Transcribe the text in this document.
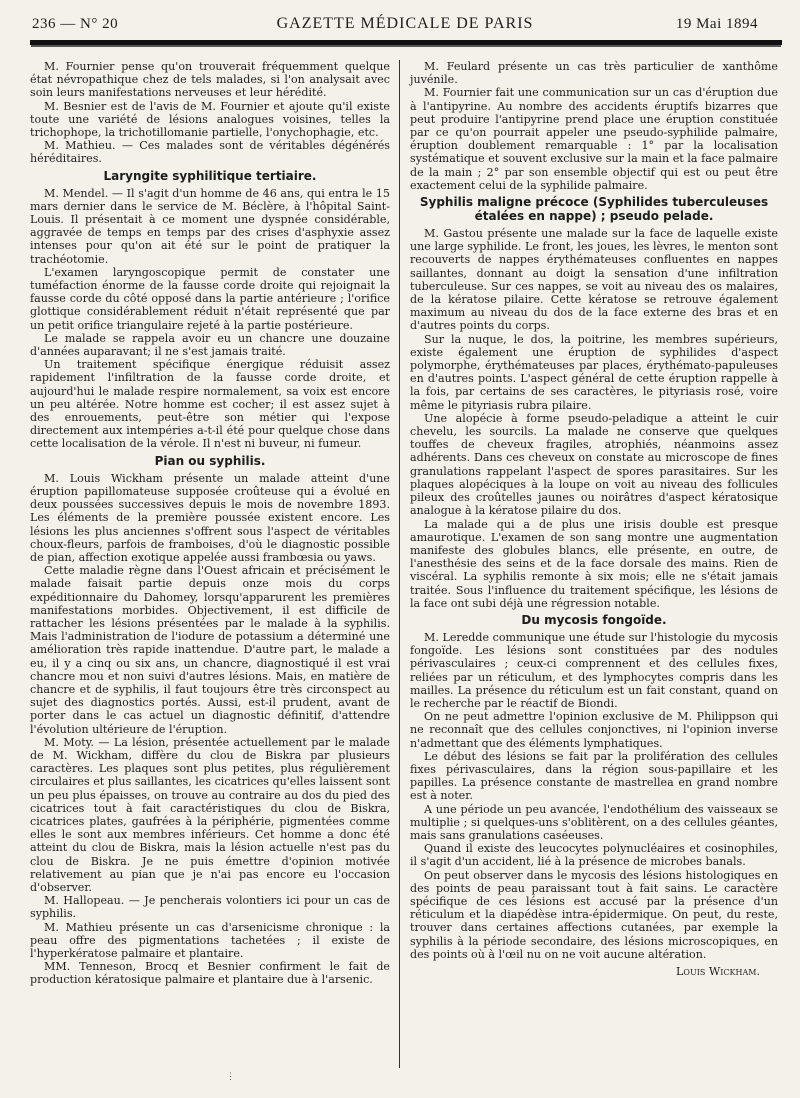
236 — N° 20	GAZETTE MÉDICALE DE PARIS	19 Mai 1894

M. Fournier pense qu'on trouverait fréquemment quelque état névropathique chez de tels malades, si l'on analysait avec soin leurs manifestations nerveuses et leur hérédité.

M. Besnier est de l'avis de M. Fournier et ajoute qu'il existe toute une variété de lésions analogues voisines, telles la trichophope, la trichotillomanie partielle, l'onychophagie, etc.

M. Mathieu. — Ces malades sont de véritables dégénérés héréditaires.

Laryngite syphilitique tertiaire.

M. Mendel. — Il s'agit d'un homme de 46 ans, qui entra le 15 mars dernier dans le service de M. Béclère, à l'hôpital Saint-Louis. Il présentait à ce moment une dyspnée considérable, aggravée de temps en temps par des crises d'asphyxie assez intenses pour qu'on ait été sur le point de pratiquer la trachéotomie.

L'examen laryngoscopique permit de constater une tuméfaction énorme de la fausse corde droite qui rejoignait la fausse corde du côté opposé dans la partie antérieure ; l'orifice glottique considérablement réduit n'était représenté que par un petit orifice triangulaire rejeté à la partie postérieure.

Le malade se rappela avoir eu un chancre une douzaine d'années auparavant; il ne s'est jamais traité.

Un traitement spécifique énergique réduisit assez rapidement l'infiltration de la fausse corde droite, et aujourd'hui le malade respire normalement, sa voix est encore un peu altérée. Notre homme est cocher; il est assez sujet à des enrouements, peut-être son métier qui l'expose directement aux intempéries a-t-il été pour quelque chose dans cette localisation de la vérole. Il n'est ni buveur, ni fumeur.

Pian ou syphilis.

M. Louis Wickham présente un malade atteint d'une éruption papillomateuse supposée croûteuse qui a évolué en deux poussées successives depuis le mois de novembre 1893. Les éléments de la première poussée existent encore. Les lésions les plus anciennes s'offrent sous l'aspect de véritables choux-fleurs, parfois de framboises, d'où le diagnostic possible de pian, affection exotique appelée aussi frambœsia ou yaws.

Cette maladie règne dans l'Ouest africain et précisément le malade faisait partie depuis onze mois du corps expéditionnaire du Dahomey, lorsqu'apparurent les premières manifestations morbides. Objectivement, il est difficile de rattacher les lésions présentées par le malade à la syphilis. Mais l'administration de l'iodure de potassium a déterminé une amélioration très rapide inattendue. D'autre part, le malade a eu, il y a cinq ou six ans, un chancre, diagnostiqué il est vrai chancre mou et non suivi d'autres lésions. Mais, en matière de chancre et de syphilis, il faut toujours être très circonspect au sujet des diagnostics portés. Aussi, est-il prudent, avant de porter dans le cas actuel un diagnostic définitif, d'attendre l'évolution ultérieure de l'éruption.

M. Moty. — La lésion, présentée actuellement par le malade de M. Wickham, diffère du clou de Biskra par plusieurs caractères. Les plaques sont plus petites, plus régulièrement circulaires et plus saillantes, les cicatrices qu'elles laissent sont un peu plus épaisses, on trouve au contraire au dos du pied des cicatrices tout à fait caractéristiques du clou de Biskra, cicatrices plates, gaufrées à la périphérie, pigmentées comme elles le sont aux membres inférieurs. Cet homme a donc été atteint du clou de Biskra, mais la lésion actuelle n'est pas du clou de Biskra. Je ne puis émettre d'opinion motivée relativement au pian que je n'ai pas encore eu l'occasion d'observer.

M. Hallopeau. — Je pencherais volontiers ici pour un cas de syphilis.

M. Mathieu présente un cas d'arsenicisme chronique : la peau offre des pigmentations tachetées ; il existe de l'hyperkératose palmaire et plantaire.

MM. Tenneson, Brocq et Besnier confirment le fait de production kératosique palmaire et plantaire due à l'arsenic.

M. Feulard présente un cas très particulier de xanthôme juvénile.

M. Fournier fait une communication sur un cas d'éruption due à l'antipyrine. Au nombre des accidents éruptifs bizarres que peut produire l'antipyrine prend place une éruption constituée par ce qu'on pourrait appeler une pseudo-syphilide palmaire, éruption doublement remarquable : 1° par la localisation systématique et souvent exclusive sur la main et la face palmaire de la main ; 2° par son ensemble objectif qui est ou peut être exactement celui de la syphilide palmaire.

Syphilis maligne précoce (Syphilides tuberculeuses étalées en nappe) ; pseudo pelade.

M. Gastou présente une malade sur la face de laquelle existe une large syphilide. Le front, les joues, les lèvres, le menton sont recouverts de nappes érythémateuses confluentes en nappes saillantes, donnant au doigt la sensation d'une infiltration tuberculeuse. Sur ces nappes, se voit au niveau des os malaires, de la kératose pilaire. Cette kératose se retrouve également maximum au niveau du dos de la face externe des bras et en d'autres points du corps.

Sur la nuque, le dos, la poitrine, les membres supérieurs, existe également une éruption de syphilides d'aspect polymorphe, érythémateuses par places, érythémato-papuleuses en d'autres points. L'aspect général de cette éruption rappelle à la fois, par certains de ses caractères, le pityriasis rosé, voire même le pityriasis rubra pilaire.

Une alopécie à forme pseudo-peladique a atteint le cuir chevelu, les sourcils. La malade ne conserve que quelques touffes de cheveux fragiles, atrophiés, néanmoins assez adhérents. Dans ces cheveux on constate au microscope de fines granulations rappelant l'aspect de spores parasitaires. Sur les plaques alopéciques à la loupe on voit au niveau des follicules pileux des croûtelles jaunes ou noirâtres d'aspect kératosique analogue à la kératose pilaire du dos.

La malade qui a de plus une irisis double est presque amaurotique. L'examen de son sang montre une augmentation manifeste des globules blancs, elle présente, en outre, de l'anesthésie des seins et de la face dorsale des mains. Rien de viscéral. La syphilis remonte à six mois; elle ne s'était jamais traitée. Sous l'influence du traitement spécifique, les lésions de la face ont subi déjà une régression notable.

Du mycosis fongoïde.

M. Leredde communique une étude sur l'histologie du mycosis fongoïde. Les lésions sont constituées par des nodules périvasculaires ; ceux-ci comprennent et des cellules fixes, reliées par un réticulum, et des lymphocytes compris dans les mailles. La présence du réticulum est un fait constant, quand on le recherche par le réactif de Biondi.

On ne peut admettre l'opinion exclusive de M. Philippson qui ne reconnaît que des cellules conjonctives, ni l'opinion inverse n'admettant que des éléments lymphatiques.

Le début des lésions se fait par la prolifération des cellules fixes périvasculaires, dans la région sous-papillaire et les papilles. La présence constante de mastrellea en grand nombre est à noter.

A une période un peu avancée, l'endothélium des vaisseaux se multiplie ; si quelques-uns s'oblitèrent, on a des cellules géantes, mais sans granulations caséeuses.

Quand il existe des leucocytes polynucléaires et cosinophiles, il s'agit d'un accident, lié à la présence de microbes banals.

On peut observer dans le mycosis des lésions histologiques en des points de peau paraissant tout à fait sains. Le caractère spécifique de ces lésions est accusé par la présence d'un réticulum et la diapédèse intra-épidermique. On peut, du reste, trouver dans certaines affections cutanées, par exemple la syphilis à la période secondaire, des lésions microscopiques, en des points où à l'œil nu on ne voit aucune altération.

Louis Wickham.
⋮
